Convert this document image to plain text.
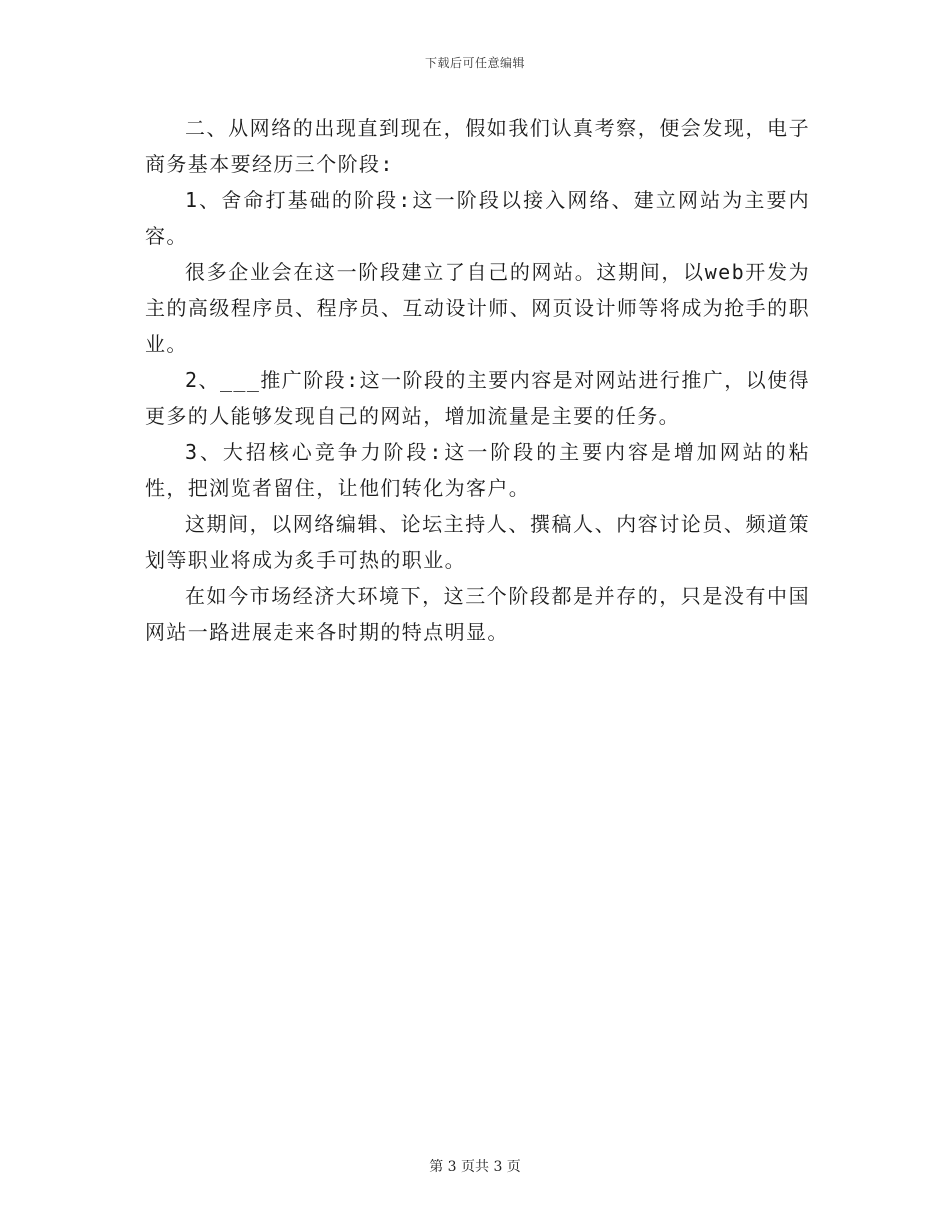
下载后可任意编辑

二、从网络的出现直到现在，假如我们认真考察，便会发现，电子商务基本要经历三个阶段:

1、舍命打基础的阶段:这一阶段以接入网络、建立网站为主要内容。

很多企业会在这一阶段建立了自己的网站。这期间，以web开发为主的高级程序员、程序员、互动设计师、网页设计师等将成为抢手的职业。

2、___推广阶段:这一阶段的主要内容是对网站进行推广，以使得更多的人能够发现自己的网站，增加流量是主要的任务。

3、大招核心竞争力阶段:这一阶段的主要内容是增加网站的粘性，把浏览者留住，让他们转化为客户。

这期间，以网络编辑、论坛主持人、撰稿人、内容讨论员、频道策划等职业将成为炙手可热的职业。

在如今市场经济大环境下，这三个阶段都是并存的，只是没有中国网站一路进展走来各时期的特点明显。

第 3 页共 3 页
